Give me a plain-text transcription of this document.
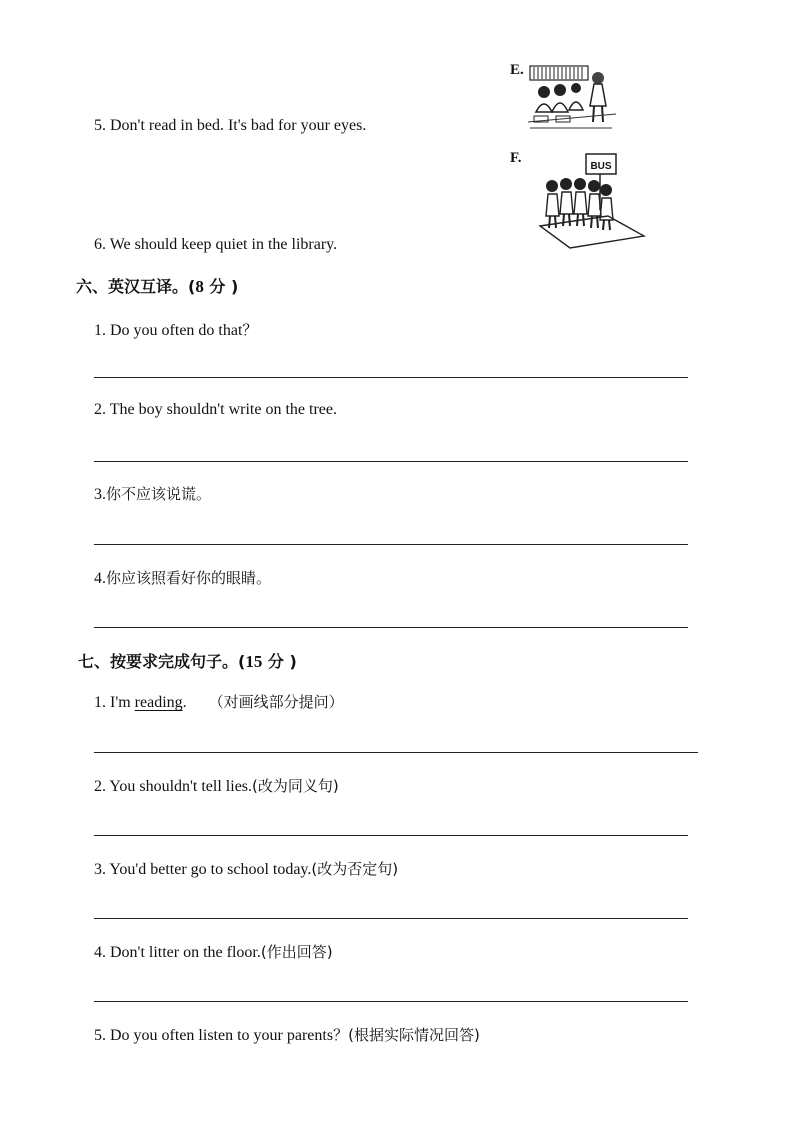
E.
F.
BUS
5. Don't read in bed. It's bad for your eyes.
6. We should keep quiet in the library.
六、英汉互译。(8 分 )
1. Do you often do that？
2. The boy shouldn't write on the tree.
3.你不应该说谎。
4.你应该照看好你的眼睛。
七、按要求完成句子。(15 分 )
1. I'm reading. （对画线部分提问）
2. You shouldn't tell lies.(改为同义句)
3. You'd better go to school today.(改为否定句)
4. Don't litter on the floor.(作出回答)
5. Do you often listen to your parents？(根据实际情况回答)
